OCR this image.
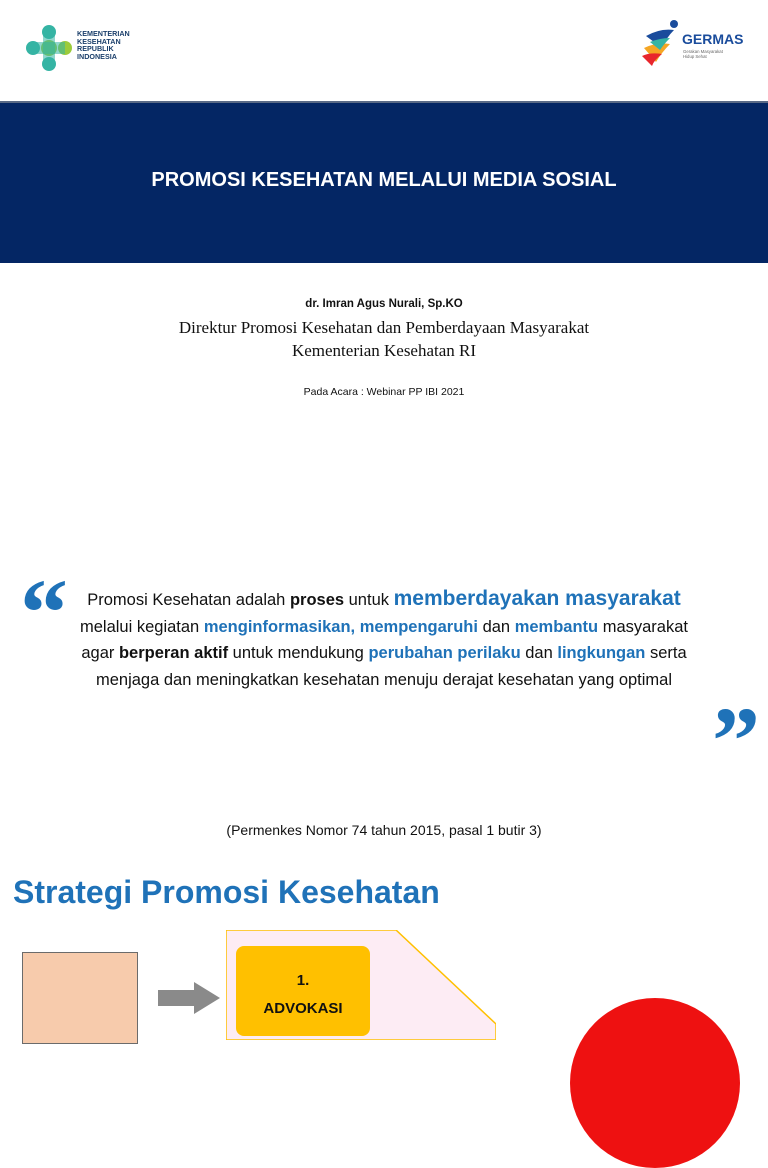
KEMENTERIAN
KESEHATAN
REPUBLIK
INDONESIA
GERMAS
Gerakan Masyarakat
Hidup Sehat
PROMOSI KESEHATAN MELALUI MEDIA SOSIAL
dr. Imran Agus Nurali, Sp.KO
Direktur Promosi Kesehatan dan Pemberdayaan Masyarakat
Kementerian Kesehatan RI
Pada Acara : Webinar PP IBI 2021
“	Promosi Kesehatan adalah proses untuk memberdayakan masyarakat melalui kegiatan menginformasikan, mempengaruhi dan membantu masyarakat agar berperan aktif untuk mendukung perubahan perilaku dan lingkungan serta menjaga dan meningkatkan kesehatan menuju derajat kesehatan yang optimal
”
(Permenkes Nomor 74 tahun 2015, pasal 1 butir 3)
Strategi Promosi Kesehatan
1.
ADVOKASI
